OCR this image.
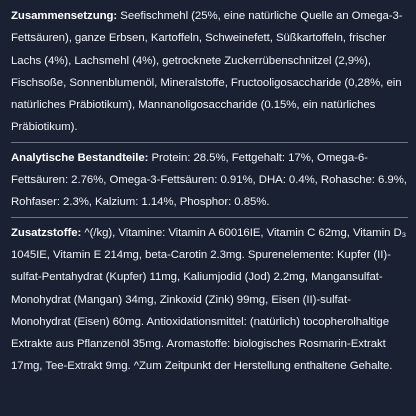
Zusammensetzung: Seefischmehl (25%, eine natürliche Quelle an Omega-3-Fettsäuren), ganze Erbsen, Kartoffeln, Schweinefett, Süßkartoffeln, frischer Lachs (4%), Lachsmehl (4%), getrocknete Zuckerrübenschnitzel (2,9%), Fischsoße, Sonnenblumenöl, Mineralstoffe, Fructooligosaccharide (0,28%, ein natürliches Präbiotikum), Mannanoligosaccharide (0.15%, ein natürliches Präbiotikum).

Analytische Bestandteile: Protein: 28.5%, Fettgehalt: 17%, Omega-6-Fettsäuren: 2.76%, Omega-3-Fettsäuren: 0.91%, DHA: 0.4%, Rohasche: 6.9%, Rohfaser: 2.3%, Kalzium: 1.14%, Phosphor: 0.85%.

Zusatzstoffe: ^(/kg), Vitamine: Vitamin A 60016IE, Vitamin C 62mg, Vitamin D₃ 1045IE, Vitamin E 214mg, beta-Carotin 2.3mg. Spurenelemente: Kupfer (II)-sulfat-Pentahydrat (Kupfer) 11mg, Kaliumjodid (Jod) 2.2mg, Mangansulfat-Monohydrat (Mangan) 34mg, Zinkoxid (Zink) 99mg, Eisen (II)-sulfat-Monohydrat (Eisen) 60mg. Antioxidationsmittel: (natürlich) tocopherolhaltige Extrakte aus Pflanzenöl 35mg. Aromastoffe: biologisches Rosmarin-Extrakt 17mg, Tee-Extrakt 9mg. ^Zum Zeitpunkt der Herstellung enthaltene Gehalte.
